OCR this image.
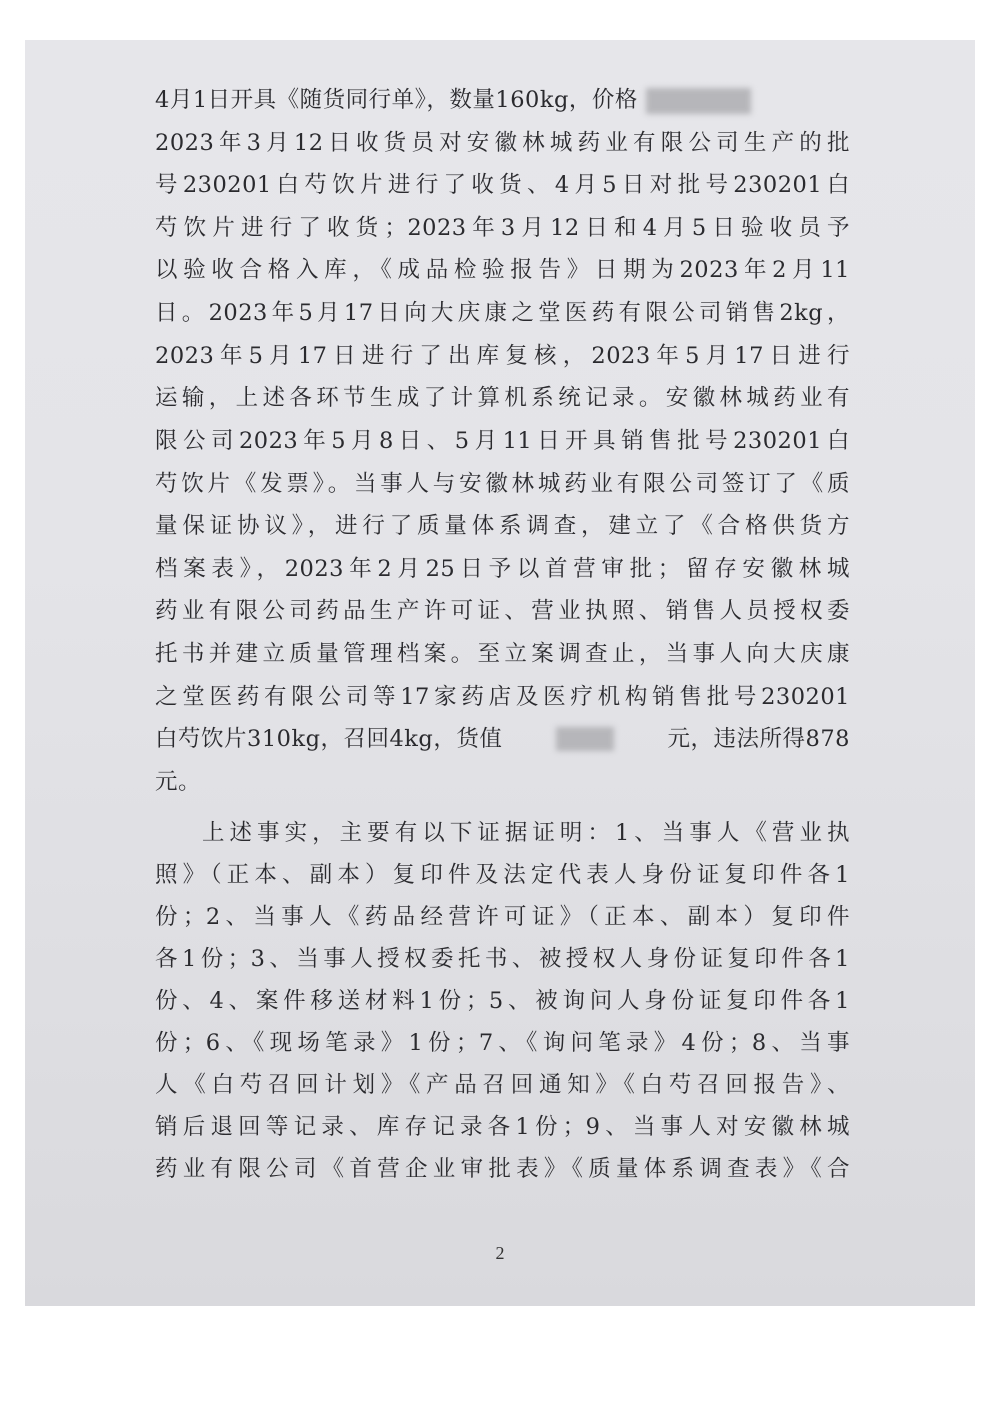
4月1日开具《随货同行单》，数量160kg，价格
2023年3月12日收货员对安徽林城药业有限公司生产的批
号230201白芍饮片进行了收货、4月5日对批号230201白
芍饮片进行了收货；2023年3月12日和4月5日验收员予
以验收合格入库，《成品检验报告》日期为2023年2月11
日。2023年5月17日向大庆康之堂医药有限公司销售2kg，
2023年5月17日进行了出库复核，2023年5月17日进行
运输，上述各环节生成了计算机系统记录。安徽林城药业有
限公司2023年5月8日、5月11日开具销售批号230201白
芍饮片《发票》。当事人与安徽林城药业有限公司签订了《质
量保证协议》，进行了质量体系调查，建立了《合格供货方
档案表》，2023年2月25日予以首营审批；留存安徽林城
药业有限公司药品生产许可证、营业执照、销售人员授权委
托书并建立质量管理档案。至立案调查止，当事人向大庆康
之堂医药有限公司等17家药店及医疗机构销售批号230201
白芍饮片310kg，召回4kg，货值	元，违法所得878
元。
上述事实，主要有以下证据证明：1、当事人《营业执
照》（正本、副本）复印件及法定代表人身份证复印件各1
份；2、当事人《药品经营许可证》（正本、副本）复印件
各1份；3、当事人授权委托书、被授权人身份证复印件各1
份、4、案件移送材料1份；5、被询问人身份证复印件各1
份；6、《现场笔录》1份；7、《询问笔录》4份；8、当事
人《白芍召回计划》《产品召回通知》《白芍召回报告》、
销后退回等记录、库存记录各1份；9、当事人对安徽林城
药业有限公司《首营企业审批表》《质量体系调查表》《合
2
